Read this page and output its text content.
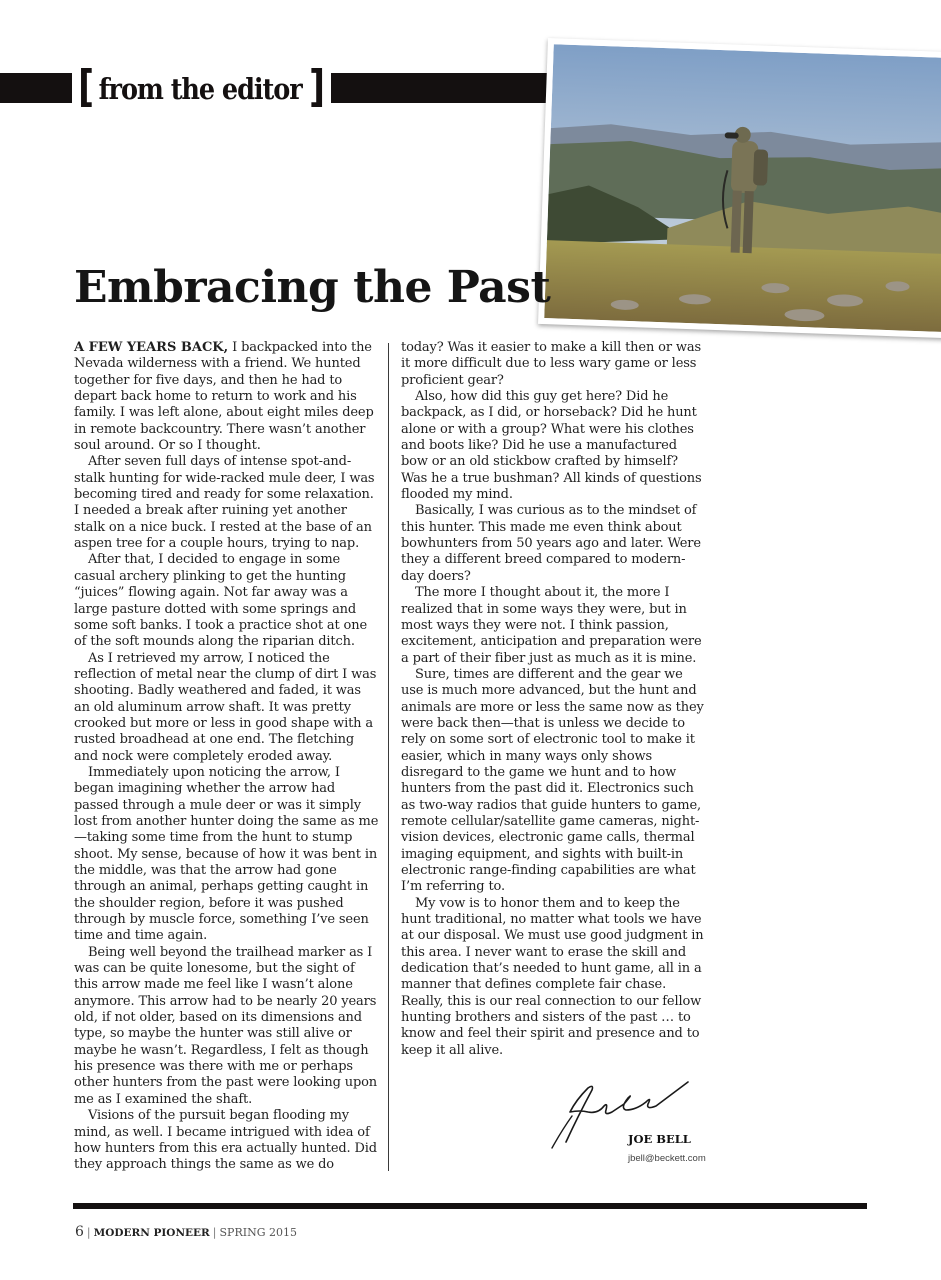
[ from the editor ]
Embracing the Past

A FEW YEARS BACK, I backpacked into the Nevada wilderness with a friend. We hunted together for five days, and then he had to depart back home to return to work and his family. I was left alone, about eight miles deep in remote backcountry. There wasn’t another soul around. Or so I thought.

After seven full days of intense spot-and-stalk hunting for wide-racked mule deer, I was becoming tired and ready for some relaxation. I needed a break after ruining yet another stalk on a nice buck. I rested at the base of an aspen tree for a couple hours, trying to nap.

After that, I decided to engage in some casual archery plinking to get the hunting “juices” flowing again. Not far away was a large pasture dotted with some springs and some soft banks. I took a practice shot at one of the soft mounds along the riparian ditch.

As I retrieved my arrow, I noticed the reflection of metal near the clump of dirt I was shooting. Badly weathered and faded, it was an old aluminum arrow shaft. It was pretty crooked but more or less in good shape with a rusted broadhead at one end. The fletching and nock were completely eroded away.

Immediately upon noticing the arrow, I began imagining whether the arrow had passed through a mule deer or was it simply lost from another hunter doing the same as me—taking some time from the hunt to stump shoot. My sense, because of how it was bent in the middle, was that the arrow had gone through an animal, perhaps getting caught in the shoulder region, before it was pushed through by muscle force, something I’ve seen time and time again.

Being well beyond the trailhead marker as I was can be quite lonesome, but the sight of this arrow made me feel like I wasn’t alone anymore. This arrow had to be nearly 20 years old, if not older, based on its dimensions and type, so maybe the hunter was still alive or maybe he wasn’t. Regardless, I felt as though his presence was there with me or perhaps other hunters from the past were looking upon me as I examined the shaft.

Visions of the pursuit began flooding my mind, as well. I became intrigued with idea of how hunters from this era actually hunted. Did they approach things the same as we do

today? Was it easier to make a kill then or was it more difficult due to less wary game or less proficient gear?

Also, how did this guy get here? Did he backpack, as I did, or horseback? Did he hunt alone or with a group? What were his clothes and boots like? Did he use a manufactured bow or an old stickbow crafted by himself? Was he a true bushman? All kinds of questions flooded my mind.

Basically, I was curious as to the mindset of this hunter. This made me even think about bowhunters from 50 years ago and later. Were they a different breed compared to modern-day doers?

The more I thought about it, the more I realized that in some ways they were, but in most ways they were not. I think passion, excitement, anticipation and preparation were a part of their fiber just as much as it is mine.

Sure, times are different and the gear we use is much more advanced, but the hunt and animals are more or less the same now as they were back then—that is unless we decide to rely on some sort of electronic tool to make it easier, which in many ways only shows disregard to the game we hunt and to how hunters from the past did it. Electronics such as two-way radios that guide hunters to game, remote cellular/satellite game cameras, night-vision devices, electronic game calls, thermal imaging equipment, and sights with built-in electronic range-finding capabilities are what I’m referring to.

My vow is to honor them and to keep the hunt traditional, no matter what tools we have at our disposal. We must use good judgment in this area. I never want to erase the skill and dedication that’s needed to hunt game, all in a manner that defines complete fair chase. Really, this is our real connection to our fellow hunting brothers and sisters of the past … to know and feel their spirit and presence and to keep it all alive.

JOE BELL
jbell@beckett.com
6 | MODERN PIONEER | SPRING 2015
